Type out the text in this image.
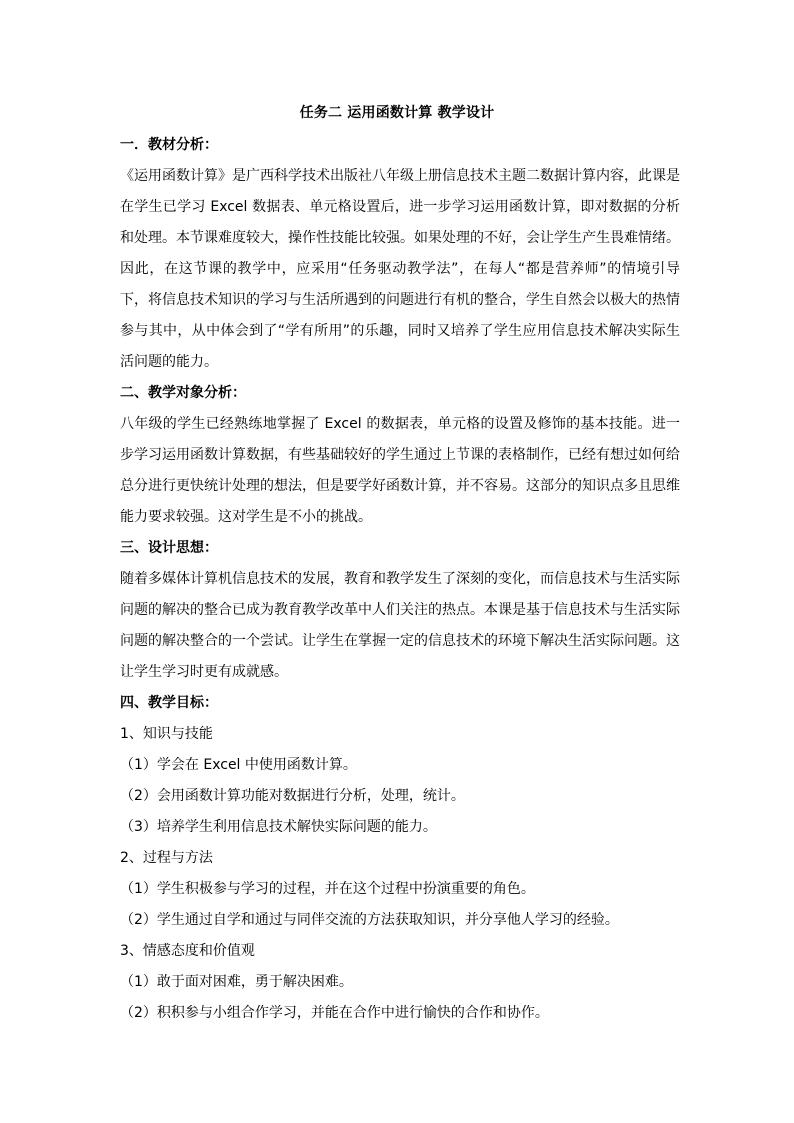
任务二 运用函数计算 教学设计

一．教材分析：

《运用函数计算》是广西科学技术出版社八年级上册信息技术主题二数据计算内容，此课是在学生已学习 Excel 数据表、单元格设置后，进一步学习运用函数计算，即对数据的分析和处理。本节课难度较大，操作性技能比较强。如果处理的不好，会让学生产生畏难情绪。因此，在这节课的教学中，应采用“任务驱动教学法”，在每人“都是营养师”的情境引导下，将信息技术知识的学习与生活所遇到的问题进行有机的整合，学生自然会以极大的热情参与其中，从中体会到了“学有所用”的乐趣，同时又培养了学生应用信息技术解决实际生活问题的能力。

二、教学对象分析：

八年级的学生已经熟练地掌握了 Excel 的数据表，单元格的设置及修饰的基本技能。进一步学习运用函数计算数据，有些基础较好的学生通过上节课的表格制作，已经有想过如何给总分进行更快统计处理的想法，但是要学好函数计算，并不容易。这部分的知识点多且思维能力要求较强。这对学生是不小的挑战。

三、设计思想：

随着多媒体计算机信息技术的发展，教育和教学发生了深刻的变化，而信息技术与生活实际问题的解决的整合已成为教育教学改革中人们关注的热点。本课是基于信息技术与生活实际问题的解决整合的一个尝试。让学生在掌握一定的信息技术的环境下解决生活实际问题。这让学生学习时更有成就感。

四、教学目标：

1、知识与技能

（1）学会在 Excel 中使用函数计算。

（2）会用函数计算功能对数据进行分析，处理，统计。

（3）培养学生利用信息技术解快实际问题的能力。

2、过程与方法

（1）学生积极参与学习的过程，并在这个过程中扮演重要的角色。

（2）学生通过自学和通过与同伴交流的方法获取知识，并分享他人学习的经验。

3、情感态度和价值观

（1）敢于面对困难，勇于解决困难。

（2）积积参与小组合作学习，并能在合作中进行愉快的合作和协作。
